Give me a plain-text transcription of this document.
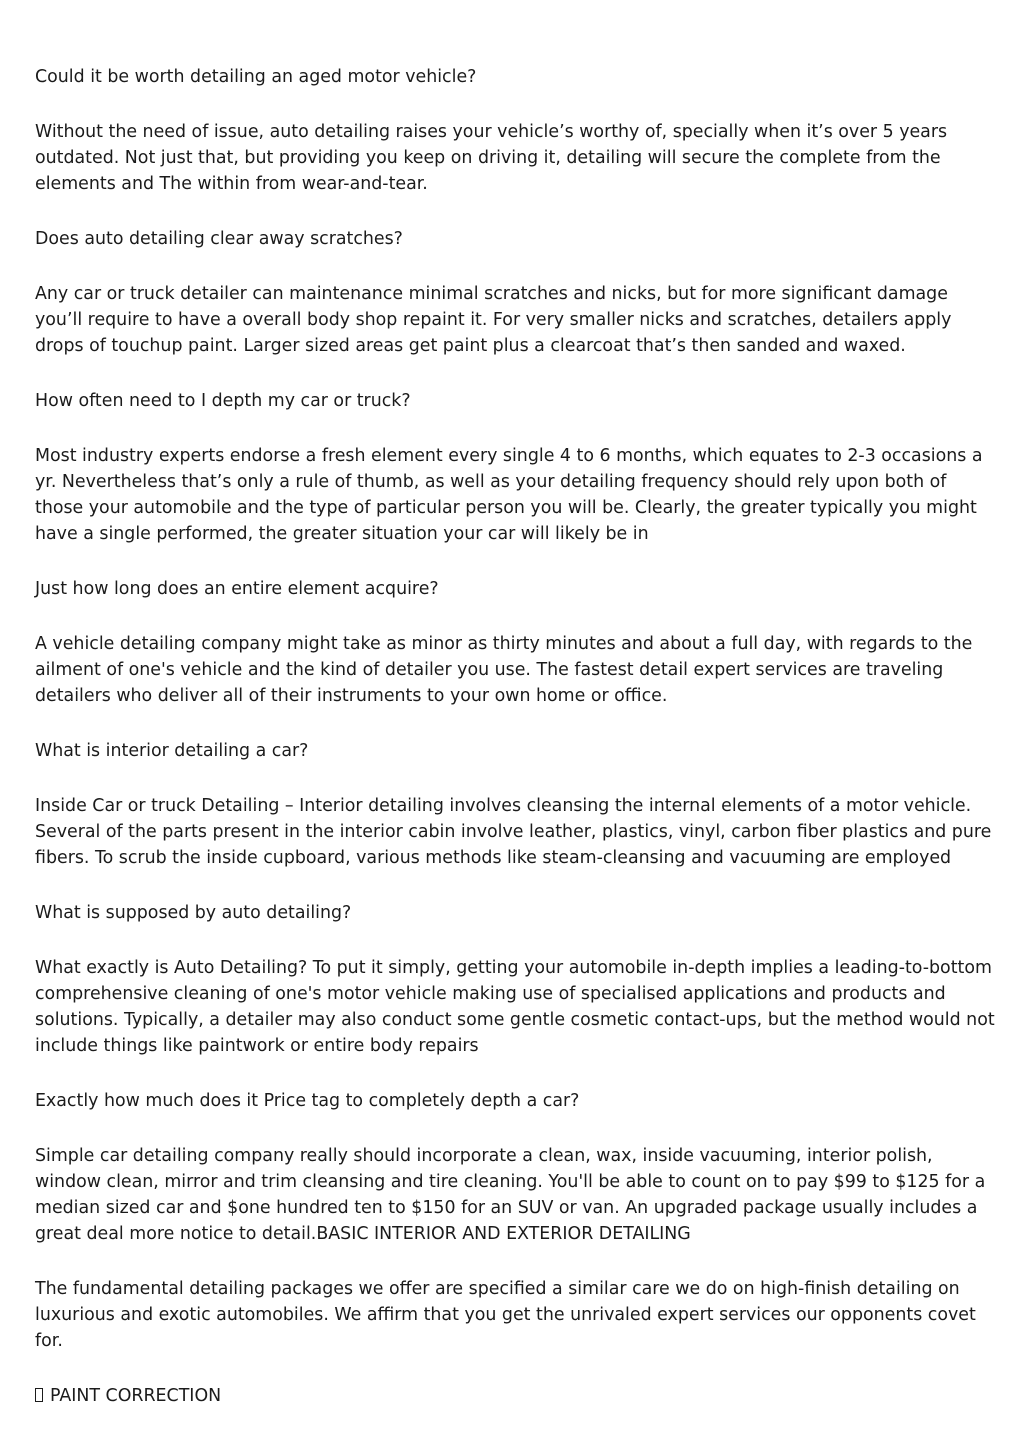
Could it be worth detailing an aged motor vehicle?

Without the need of issue, auto detailing raises your vehicle’s worthy of, specially when it’s over 5 years outdated. Not just that, but providing you keep on driving it, detailing will secure the complete from the elements and The within from wear-and-tear.

Does auto detailing clear away scratches?

Any car or truck detailer can maintenance minimal scratches and nicks, but for more significant damage you’ll require to have a overall body shop repaint it. For very smaller nicks and scratches, detailers apply drops of touchup paint. Larger sized areas get paint plus a clearcoat that’s then sanded and waxed.

How often need to I depth my car or truck?

Most industry experts endorse a fresh element every single 4 to 6 months, which equates to 2-3 occasions a yr. Nevertheless that’s only a rule of thumb, as well as your detailing frequency should rely upon both of those your automobile and the type of particular person you will be. Clearly, the greater typically you might have a single performed, the greater situation your car will likely be in

Just how long does an entire element acquire?

A vehicle detailing company might take as minor as thirty minutes and about a full day, with regards to the ailment of one's vehicle and the kind of detailer you use. The fastest detail expert services are traveling detailers who deliver all of their instruments to your own home or office.

What is interior detailing a car?

Inside Car or truck Detailing – Interior detailing involves cleansing the internal elements of a motor vehicle. Several of the parts present in the interior cabin involve leather, plastics, vinyl, carbon fiber plastics and pure fibers. To scrub the inside cupboard, various methods like steam-cleansing and vacuuming are employed

What is supposed by auto detailing?

What exactly is Auto Detailing? To put it simply, getting your automobile in-depth implies a leading-to-bottom comprehensive cleaning of one's motor vehicle making use of specialised applications and products and solutions. Typically, a detailer may also conduct some gentle cosmetic contact-ups, but the method would not include things like paintwork or entire body repairs

Exactly how much does it Price tag to completely depth a car?

Simple car detailing company really should incorporate a clean, wax, inside vacuuming, interior polish, window clean, mirror and trim cleansing and tire cleaning. You'll be able to count on to pay $99 to $125 for a median sized car and $one hundred ten to $150 for an SUV or van. An upgraded package usually includes a great deal more notice to detail.BASIC INTERIOR AND EXTERIOR DETAILING

The fundamental detailing packages we offer are specified a similar care we do on high-finish detailing on luxurious and exotic automobiles. We affirm that you get the unrivaled expert services our opponents covet for.

PAINT CORRECTION
